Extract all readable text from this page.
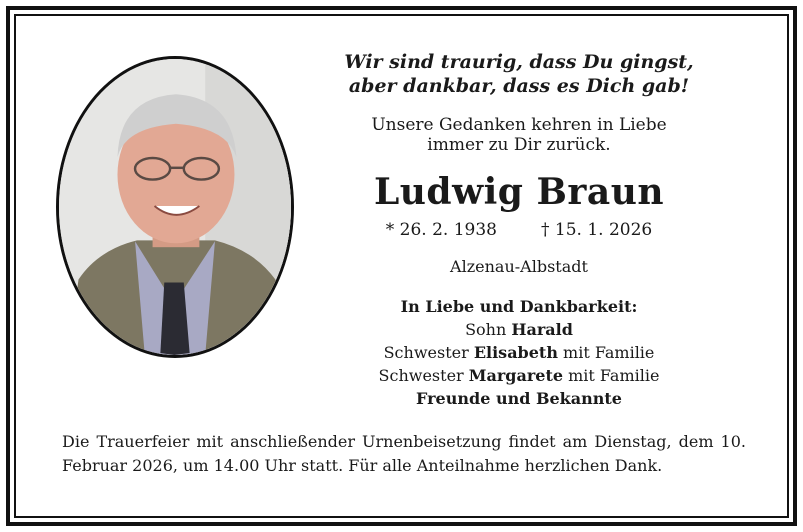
Wir sind traurig, dass Du gingst,
aber dankbar, dass es Dich gab!
Unsere Gedanken kehren in Liebe
immer zu Dir zurück.
Ludwig Braun
* 26. 2. 1938	† 15. 1. 2026
Alzenau-Albstadt
In Liebe und Dankbarkeit:
Sohn Harald
Schwester Elisabeth mit Familie
Schwester Margarete mit Familie
Freunde und Bekannte
Die Trauerfeier mit anschließender Urnenbeisetzung findet am Dienstag, dem 10. Februar 2026, um 14.00 Uhr statt. Für alle Anteilnahme herzlichen Dank.
